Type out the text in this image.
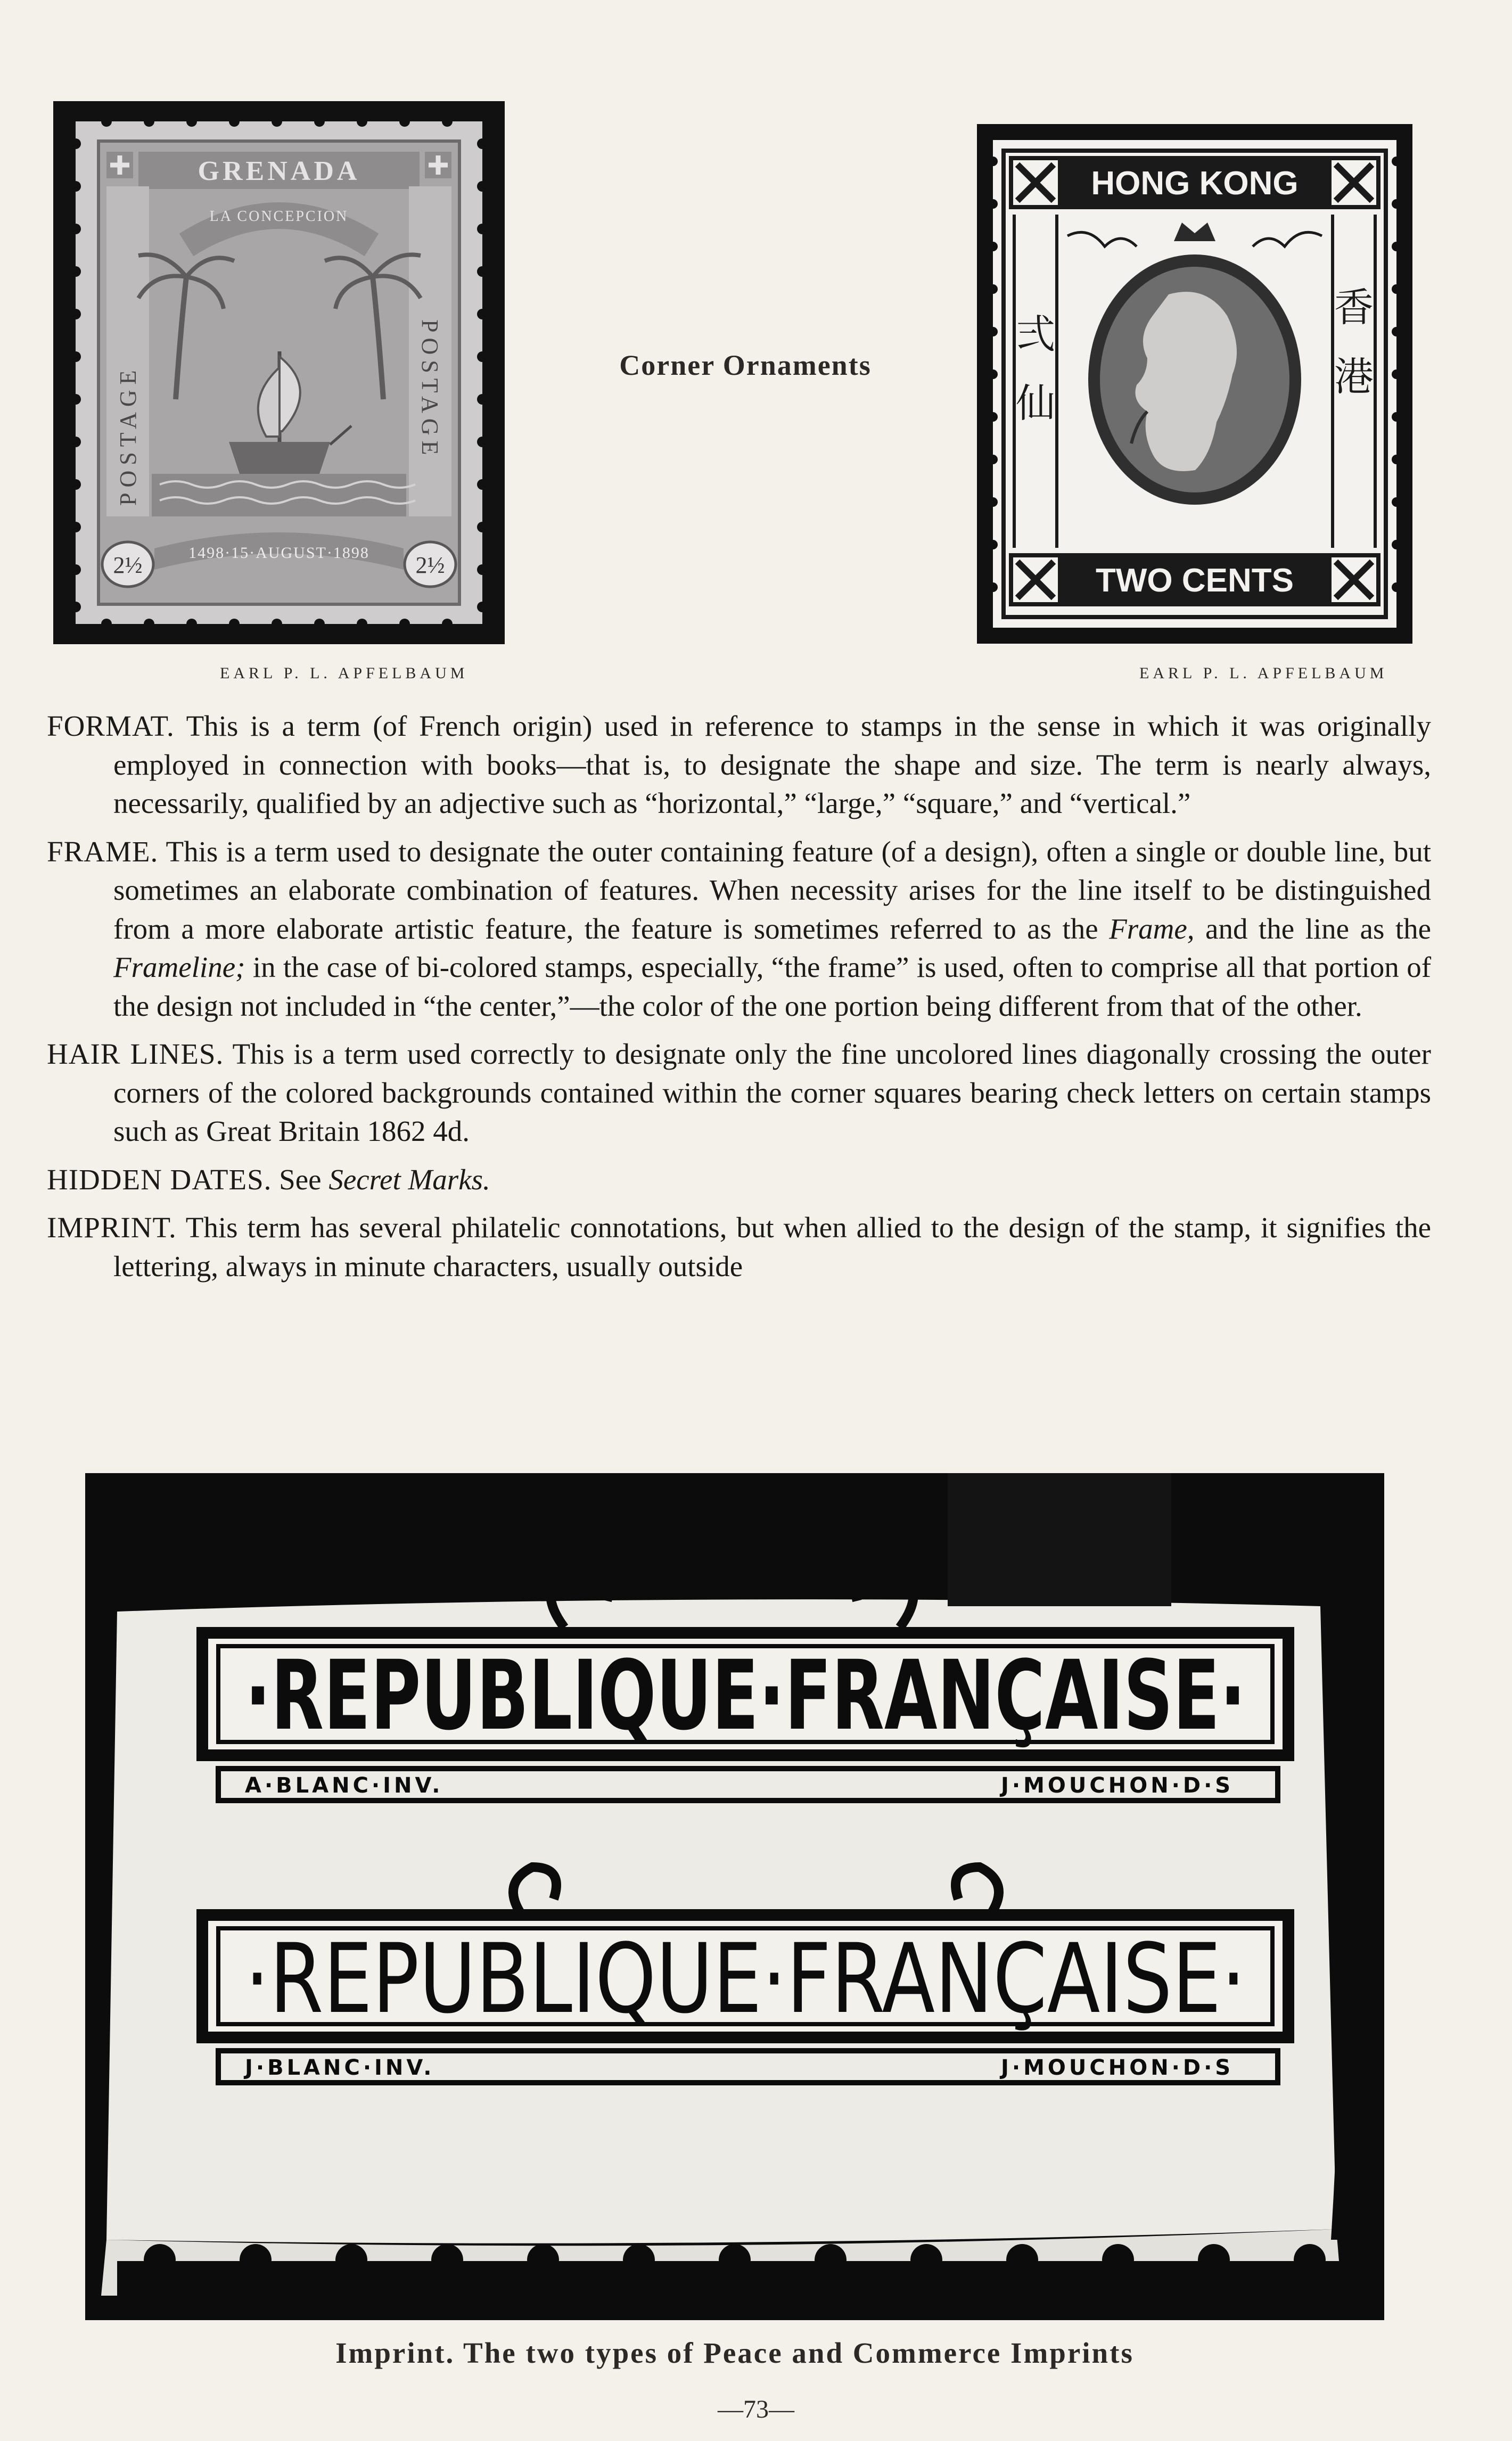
GRENADA
LA CONCEPCION
POSTAGE	POSTAGE
1498·15·AUGUST·1898
2½	2½
EARL P. L. APFELBAUM
Corner Ornaments
HONG KONG
TWO CENTS
弍
仙
香
港
EARL P. L. APFELBAUM

FORMAT. This is a term (of French origin) used in reference to stamps in the sense in which it was originally employed in connection with books—that is, to designate the shape and size. The term is nearly always, necessarily, qualified by an adjective such as “horizontal,” “large,” “square,” and “vertical.”

FRAME. This is a term used to designate the outer containing feature (of a design), often a single or double line, but sometimes an elaborate combination of features. When necessity arises for the line itself to be distinguished from a more elaborate artistic feature, the feature is sometimes referred to as the Frame, and the line as the Frameline; in the case of bi-colored stamps, especially, “the frame” is used, often to comprise all that portion of the design not included in “the center,”—the color of the one portion being different from that of the other.

HAIR LINES. This is a term used correctly to designate only the fine uncolored lines diagonally crossing the outer corners of the colored backgrounds contained within the corner squares bearing check letters on certain stamps such as Great Britain 1862 4d.

HIDDEN DATES. See Secret Marks.

IMPRINT. This term has several philatelic connotations, but when allied to the design of the stamp, it signifies the lettering, always in minute characters, usually outside

·REPUBLIQUE·FRANÇAISE·
A·BLANC·INV.	J·MOUCHON·D·S
·REPUBLIQUE·FRANÇAISE·
J·BLANC·INV.	J·MOUCHON·D·S
Imprint. The two types of Peace and Commerce Imprints
—73—
